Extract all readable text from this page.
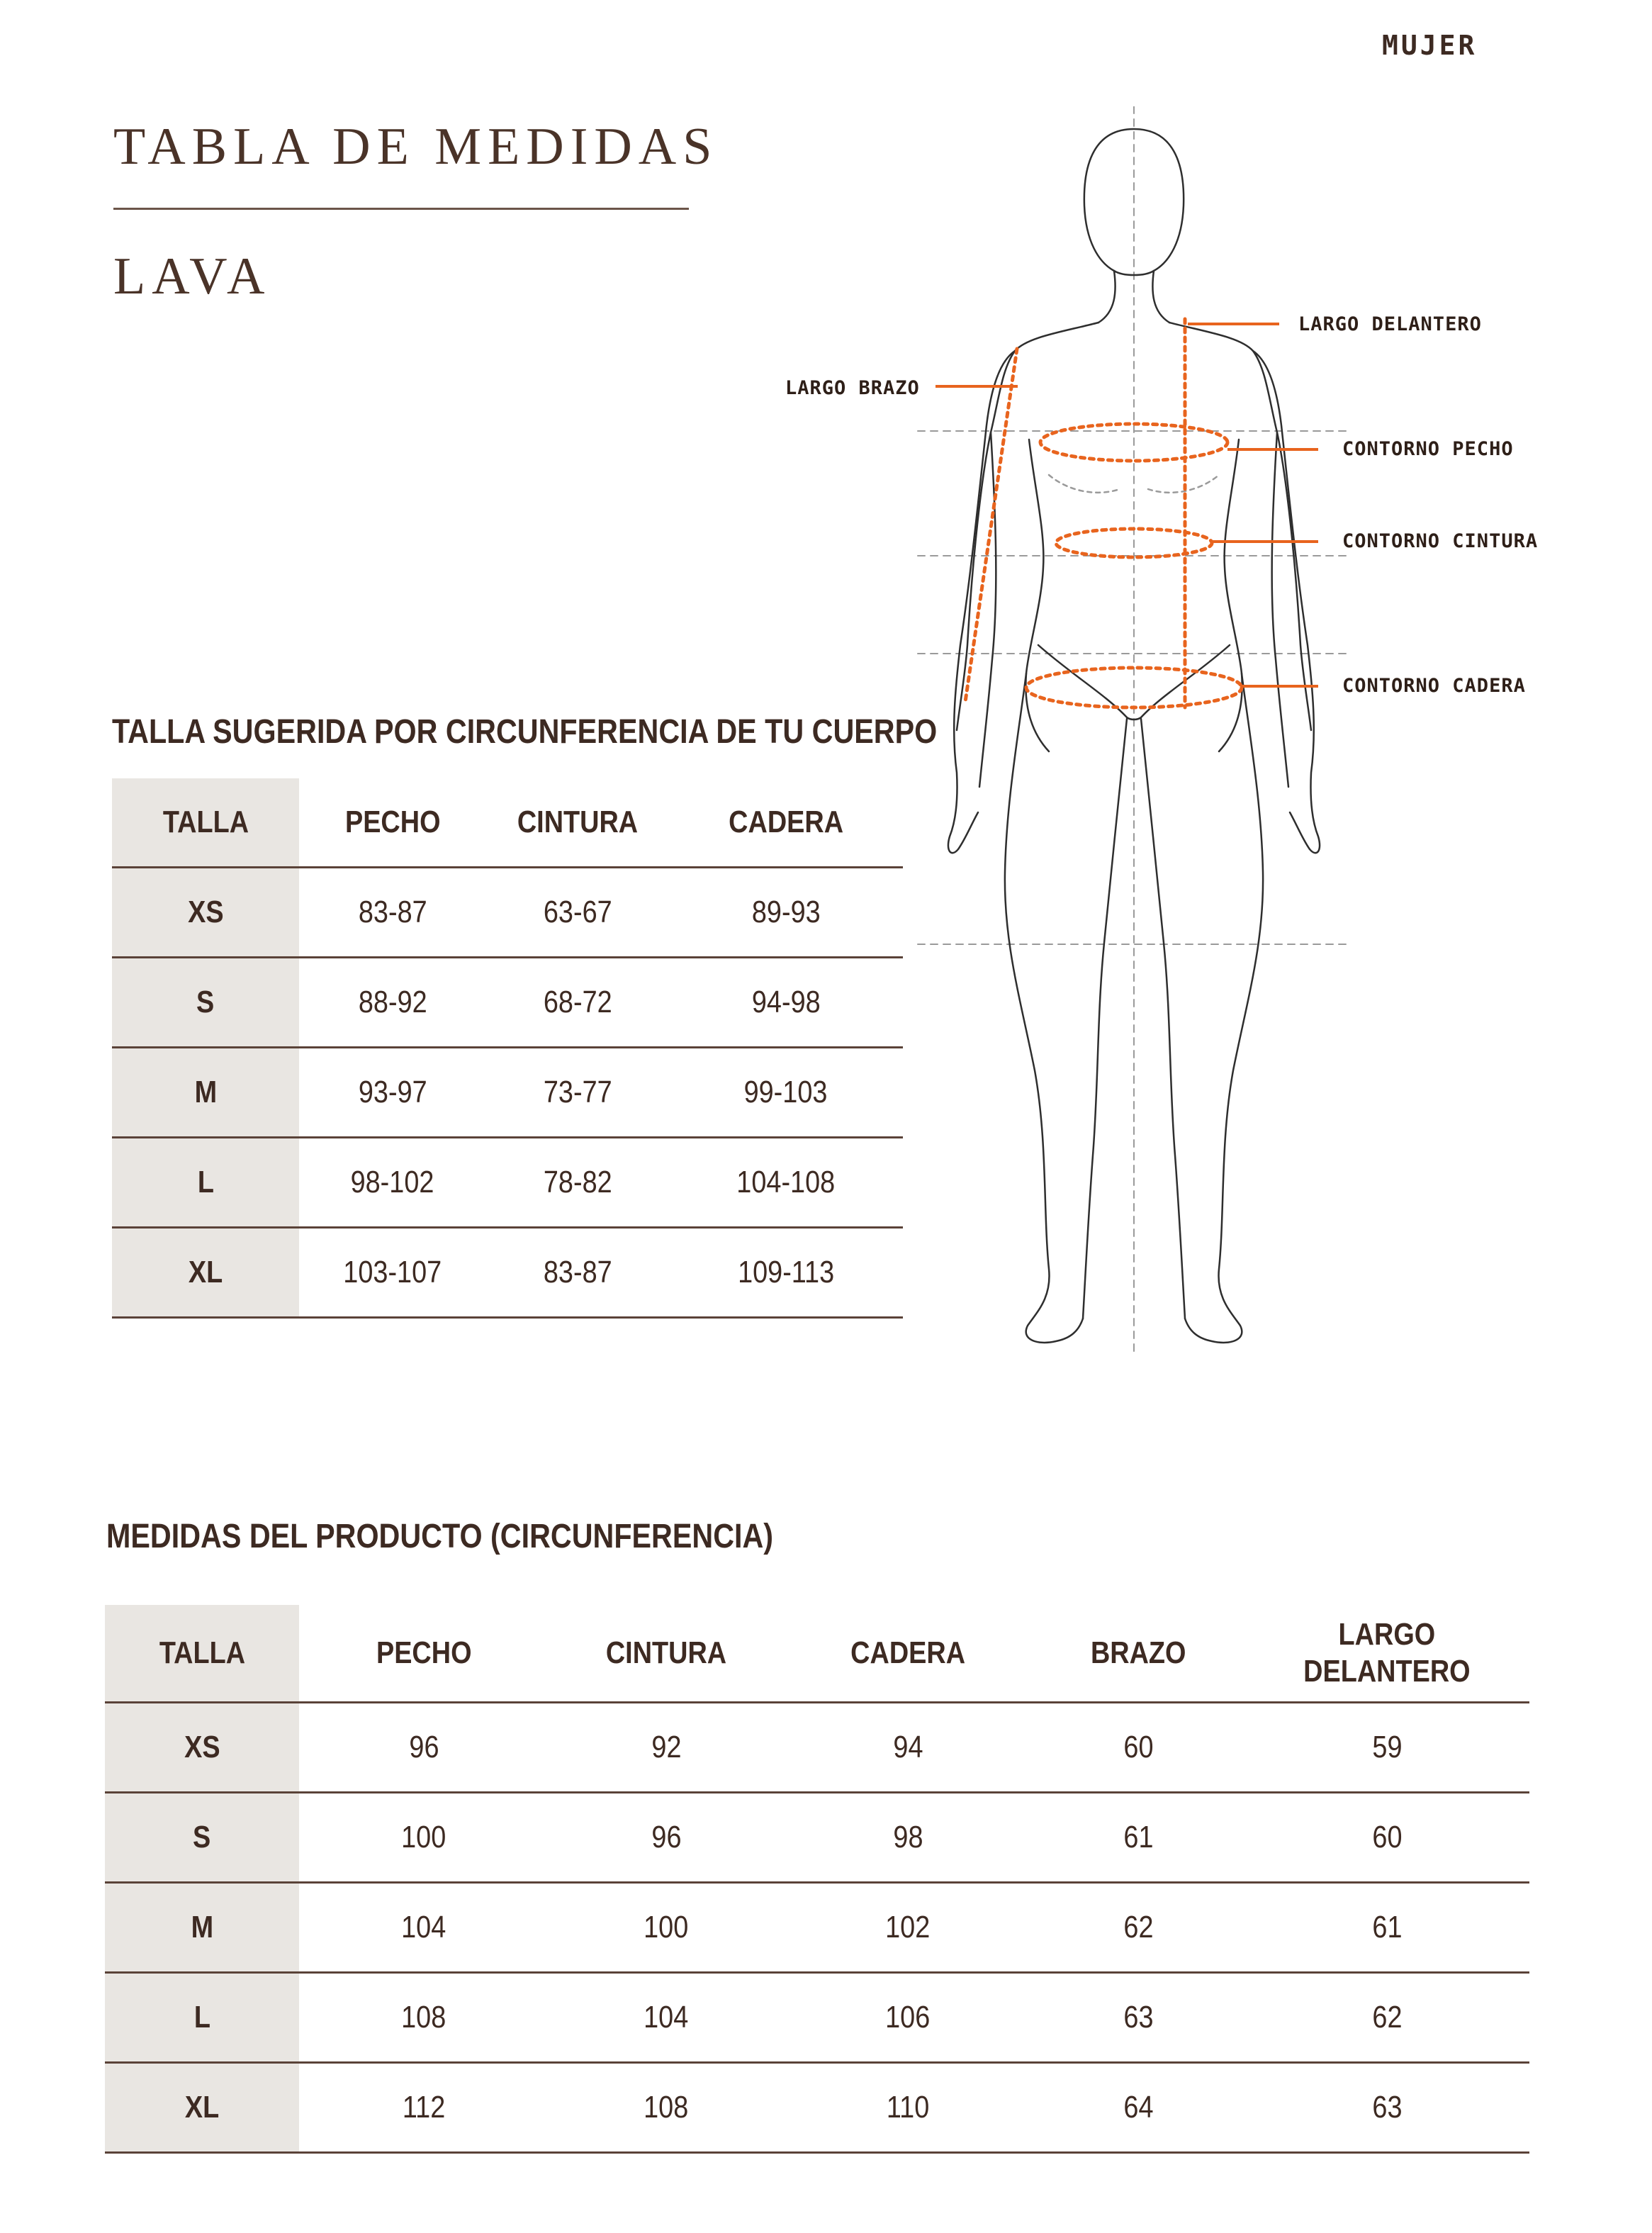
MUJER
TABLA DE MEDIDAS
LAVA
LARGO BRAZO
LARGO DELANTERO
CONTORNO PECHO
CONTORNO CINTURA
CONTORNO CADERA
TALLA SUGERIDA POR CIRCUNFERENCIA DE TU CUERPO
TALLA	PECHO	CINTURA	CADERA
XS	83-87	63-67	89-93
S	88-92	68-72	94-98
M	93-97	73-77	99-103
L	98-102	78-82	104-108
XL	103-107	83-87	109-113
MEDIDAS DEL PRODUCTO (CIRCUNFERENCIA)
TALLA	PECHO	CINTURA	CADERA	BRAZO	LARGO
DELANTERO
XS	96	92	94	60	59
S	100	96	98	61	60
M	104	100	102	62	61
L	108	104	106	63	62
XL	112	108	110	64	63
